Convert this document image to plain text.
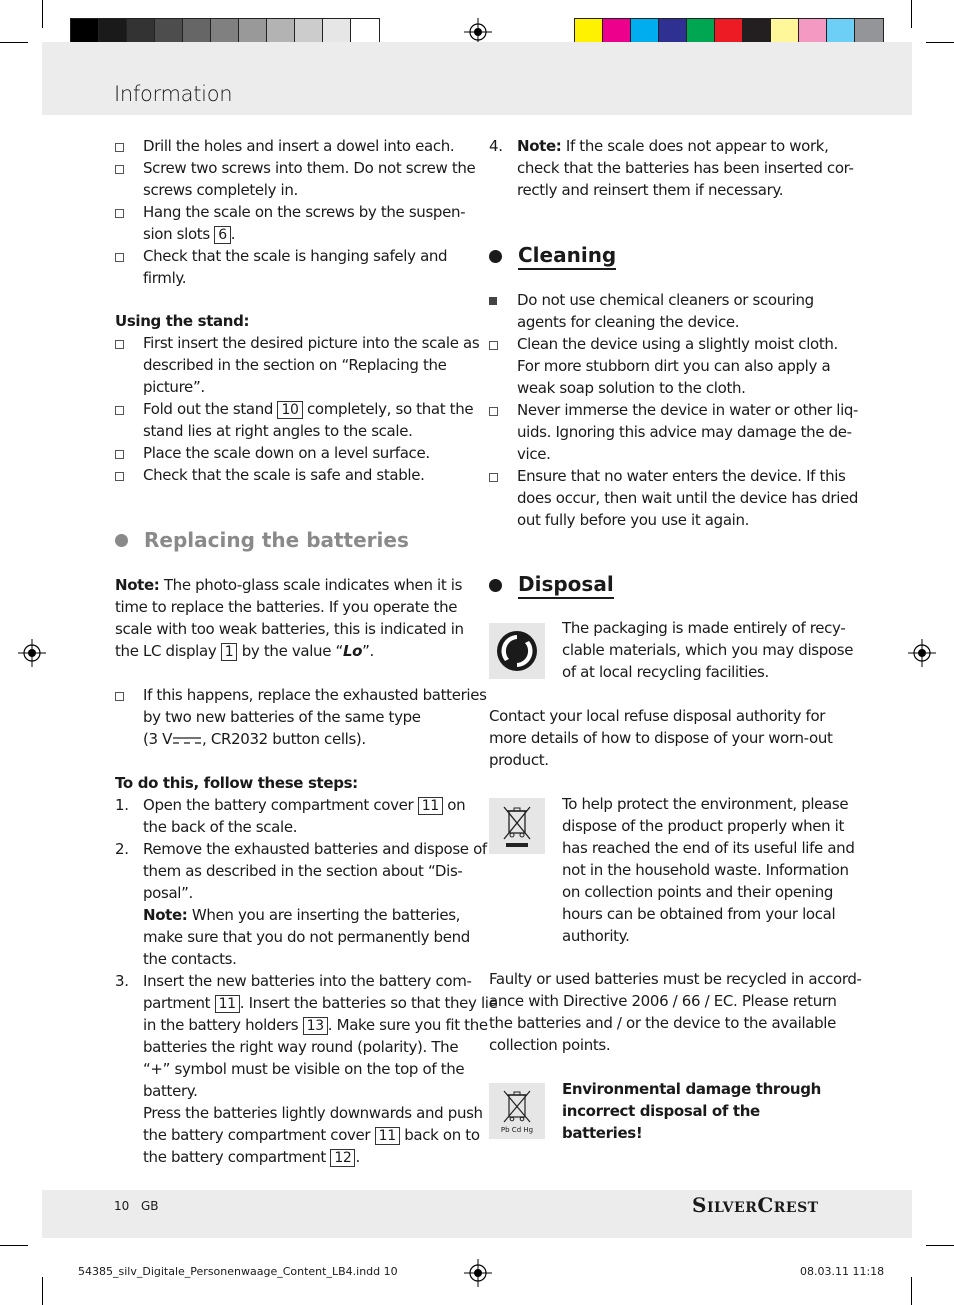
Information
Drill the holes and insert a dowel into each.
Screw two screws into them. Do not screw the
screws completely in.
Hang the scale on the screws by the suspen-
sion slots 6 .
Check that the scale is hanging safely and
firmly.
Using the stand:
First insert the desired picture into the scale as
described in the section on “Replacing the
picture”.
Fold out the stand 10 completely, so that the
stand lies at right angles to the scale.
Place the scale down on a level surface.
Check that the scale is safe and stable.
Replacing the batteries
Note: The photo-glass scale indicates when it is
time to replace the batteries. If you operate the
scale with too weak batteries, this is indicated in
the LC display 1 by the value “Lo”.
If this happens, replace the exhausted batteries
by two new batteries of the same type
(3 V , CR2032 button cells).
To do this, follow these steps:
1. Open the battery compartment cover 11 on
the back of the scale.
2. Remove the exhausted batteries and dispose of
them as described in the section about “Dis-
posal”.
Note: When you are inserting the batteries,
make sure that you do not permanently bend
the contacts.
3. Insert the new batteries into the battery com-
partment 11 . Insert the batteries so that they lie
in the battery holders 13 . Make sure you fit the
batteries the right way round (polarity). The
“+” symbol must be visible on the top of the
battery.
Press the batteries lightly downwards and push
the battery compartment cover 11 back on to
the battery compartment 12 .
4. Note: If the scale does not appear to work,
check that the batteries has been inserted cor-
rectly and reinsert them if necessary.
Cleaning
Do not use chemical cleaners or scouring
agents for cleaning the device.
Clean the device using a slightly moist cloth.
For more stubborn dirt you can also apply a
weak soap solution to the cloth.
Never immerse the device in water or other liq-
uids. Ignoring this advice may damage the de-
vice.
Ensure that no water enters the device. If this
does occur, then wait until the device has dried
out fully before you use it again.
Disposal
The packaging is made entirely of recy-
clable materials, which you may dispose
of at local recycling facilities.
Contact your local refuse disposal authority for
more details of how to dispose of your worn-out
product.
To help protect the environment, please
dispose of the product properly when it
has reached the end of its useful life and
not in the household waste. Information
on collection points and their opening
hours can be obtained from your local
authority.
Faulty or used batteries must be recycled in accord-
ance with Directive 2006 / 66 / EC. Please return
the batteries and / or the device to the available
collection points.
Pb Cd Hg
Environmental damage through
incorrect disposal of the
batteries!
10 GB	SilverCrest
54385_silv_Digitale_Personenwaage_Content_LB4.indd 10	08.03.11 11:18
